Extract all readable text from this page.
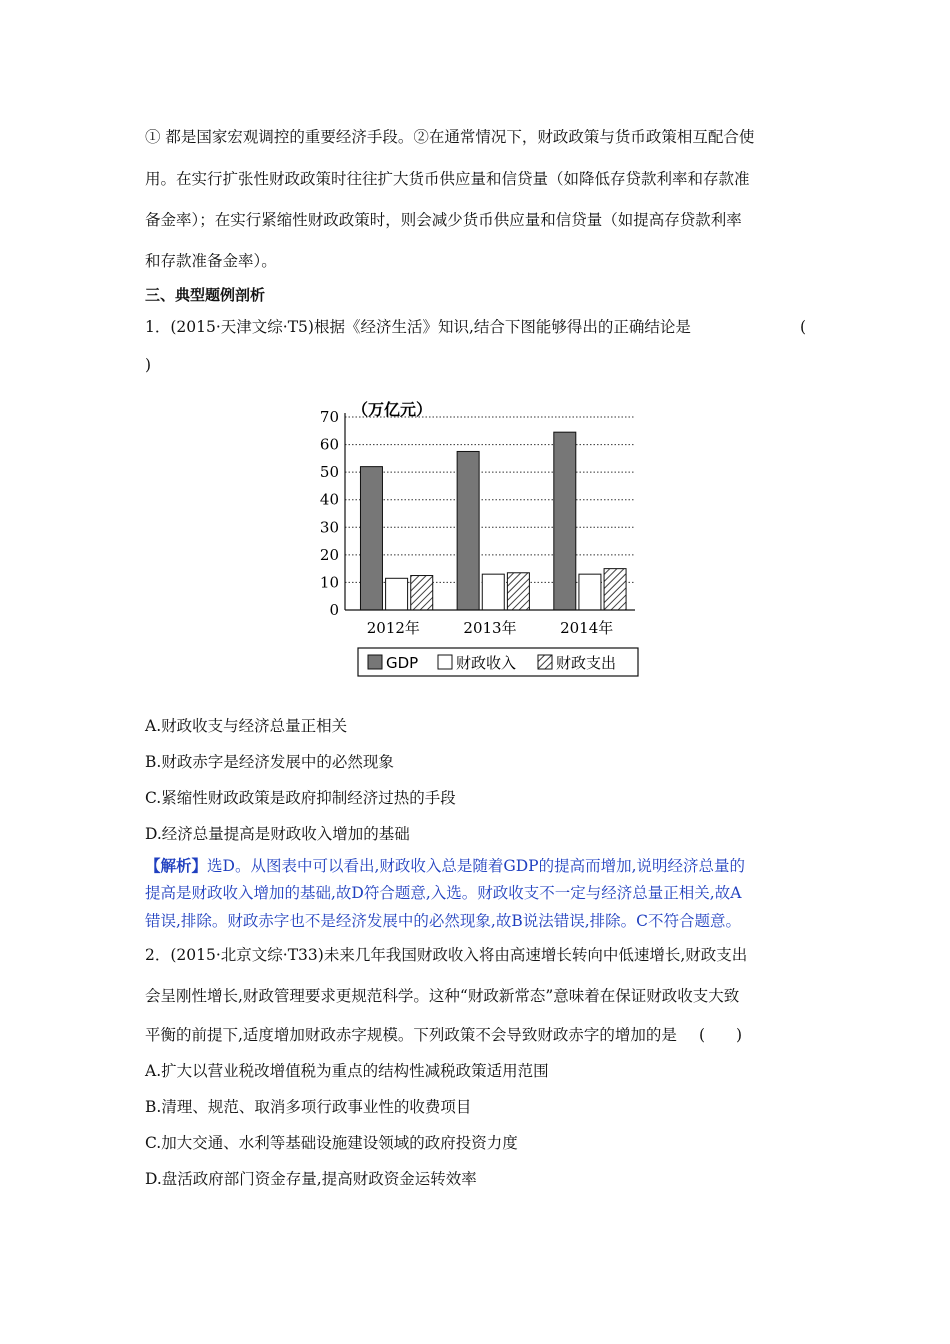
① 都是国家宏观调控的重要经济手段。②在通常情况下，财政政策与货币政策相互配合使
用。在实行扩张性财政政策时往往扩大货币供应量和信贷量（如降低存贷款利率和存款准
备金率）；在实行紧缩性财政政策时，则会减少货币供应量和信贷量（如提高存贷款利率
和存款准备金率）。
三、典型题例剖析
1．(2015·天津文综·T5)根据《经济生活》知识,结合下图能够得出的正确结论是	(
)
0
10
20
30
40
50
60
70
2012年	2013年	2014年
（万亿元）
GDP	财政收入	财政支出
A.财政收支与经济总量正相关
B.财政赤字是经济发展中的必然现象
C.紧缩性财政政策是政府抑制经济过热的手段
D.经济总量提高是财政收入增加的基础
【解析】选D。从图表中可以看出,财政收入总是随着GDP的提高而增加,说明经济总量的
提高是财政收入增加的基础,故D符合题意,入选。财政收支不一定与经济总量正相关,故A
错误,排除。财政赤字也不是经济发展中的必然现象,故B说法错误,排除。C不符合题意。
2．(2015·北京文综·T33)未来几年我国财政收入将由高速增长转向中低速增长,财政支出
会呈刚性增长,财政管理要求更规范科学。这种“财政新常态”意味着在保证财政收支大致
平衡的前提下,适度增加财政赤字规模。下列政策不会导致财政赤字的增加的是 (　　)
A.扩大以营业税改增值税为重点的结构性减税政策适用范围
B.清理、规范、取消多项行政事业性的收费项目
C.加大交通、水利等基础设施建设领域的政府投资力度
D.盘活政府部门资金存量,提高财政资金运转效率
